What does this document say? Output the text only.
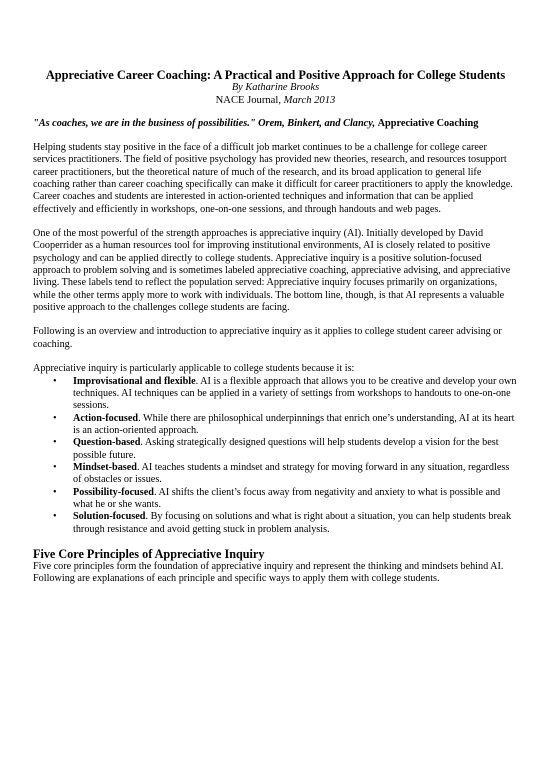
Appreciative Career Coaching: A Practical and Positive Approach for College Students

By Katharine Brooks

NACE Journal, March 2013

"As coaches, we are in the business of possibilities." Orem, Binkert, and Clancy, Appreciative Coaching

Helping students stay positive in the face of a difficult job market continues to be a challenge for college career services practitioners. The field of positive psychology has provided new theories, research, and resources tosupport career practitioners, but the theoretical nature of much of the research, and its broad application to general life coaching rather than career coaching specifically can make it difficult for career practitioners to apply the knowledge. Career coaches and students are interested in action-oriented techniques and information that can be applied effectively and efficiently in workshops, one-on-one sessions, and through handouts and web pages.

One of the most powerful of the strength approaches is appreciative inquiry (AI). Initially developed by David Cooperrider as a human resources tool for improving institutional environments, AI is closely related to positive psychology and can be applied directly to college students. Appreciative inquiry is a positive solution-focused approach to problem solving and is sometimes labeled appreciative coaching, appreciative advising, and appreciative living. These labels tend to reflect the population served: Appreciative inquiry focuses primarily on organizations, while the other terms apply more to work with individuals. The bottom line, though, is that AI represents a valuable positive approach to the challenges college students are facing.

Following is an overview and introduction to appreciative inquiry as it applies to college student career advising or coaching.

Appreciative inquiry is particularly applicable to college students because it is:

• Improvisational and flexible. AI is a flexible approach that allows you to be creative and develop your own techniques. AI techniques can be applied in a variety of settings from workshops to handouts to one-on-one sessions.
• Action-focused. While there are philosophical underpinnings that enrich one’s understanding, AI at its heart is an action-oriented approach.
• Question-based. Asking strategically designed questions will help students develop a vision for the best possible future.
• Mindset-based. AI teaches students a mindset and strategy for moving forward in any situation, regardless of obstacles or issues.
• Possibility-focused. AI shifts the client’s focus away from negativity and anxiety to what is possible and what he or she wants.
• Solution-focused. By focusing on solutions and what is right about a situation, you can help students break through resistance and avoid getting stuck in problem analysis.

Five Core Principles of Appreciative Inquiry

Five core principles form the foundation of appreciative inquiry and represent the thinking and mindsets behind AI. Following are explanations of each principle and specific ways to apply them with college students.
